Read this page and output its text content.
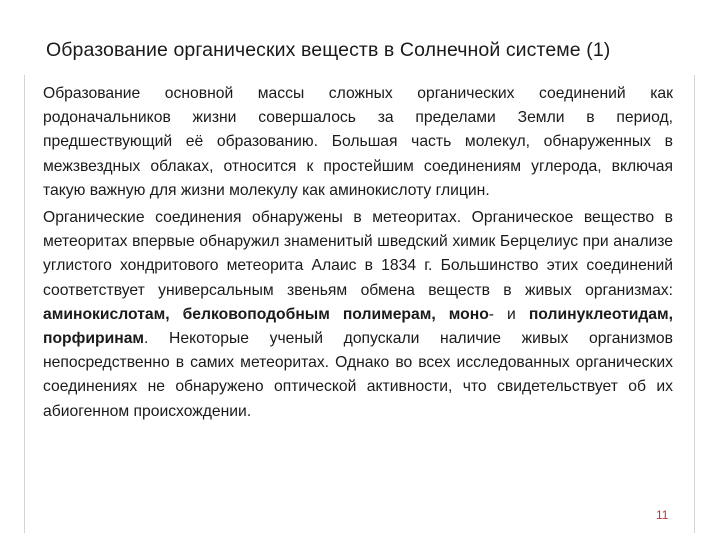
Образование органических веществ в Солнечной системе (1)

Образование основной массы сложных органических соединений как родоначальников жизни совершалось за пределами Земли в период, предшествующий её образованию. Большая часть молекул, обнаруженных в межзвездных облаках, относится к простейшим соединениям углерода, включая такую важную для жизни молекулу как аминокислоту глицин.

Органические соединения обнаружены в метеоритах. Органическое вещество в метеоритах впервые обнаружил знаменитый шведский химик Берцелиус при анализе углистого хондритового метеорита Алаис в 1834 г. Большинство этих соединений соответствует универсальным звеньям обмена веществ в живых организмах: аминокислотам, белковоподобным полимерам, моно- и полинуклеотидам, порфиринам. Некоторые ученый допускали наличие живых организмов непосредственно в самих метеоритах. Однако во всех исследованных органических соединениях не обнаружено оптической активности, что свидетельствует об их абиогенном происхождении.

11
